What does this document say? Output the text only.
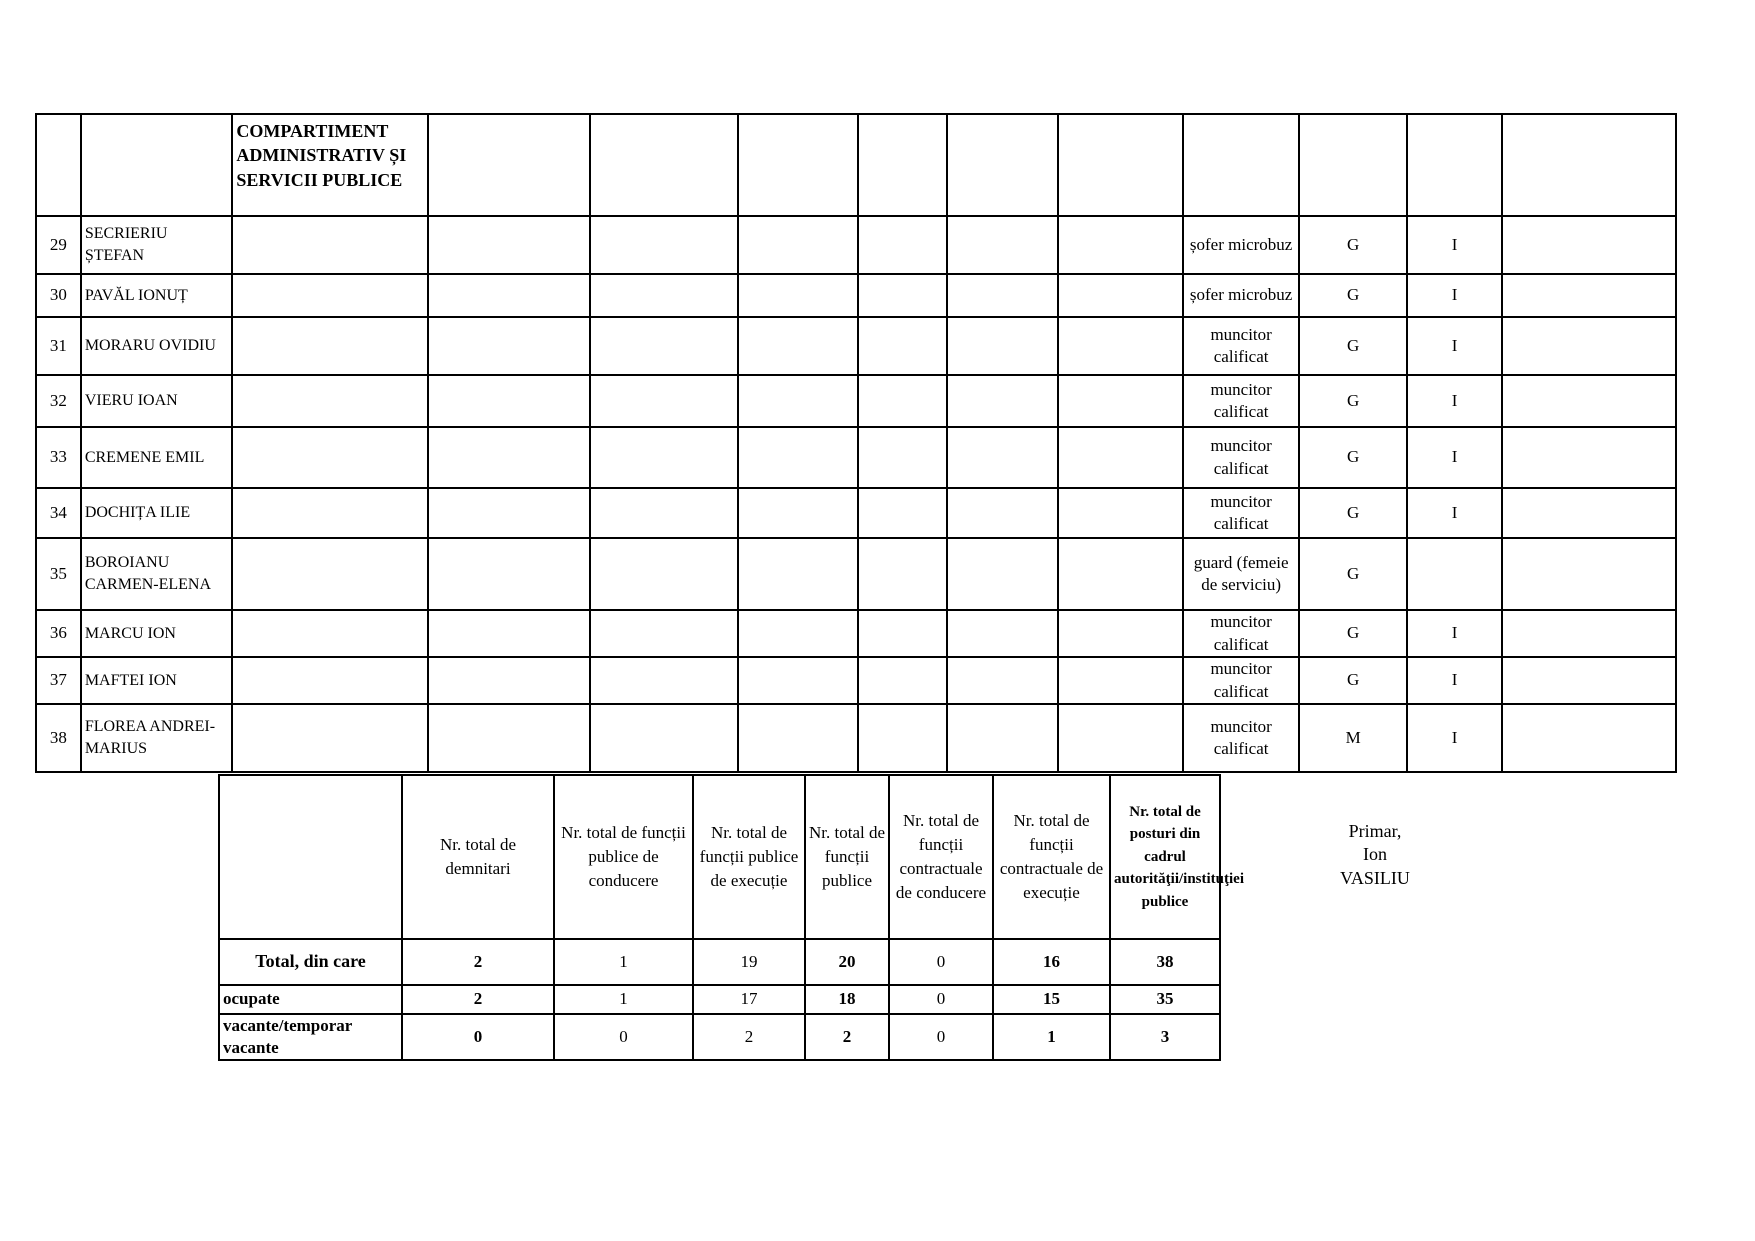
		COMPARTIMENT ADMINISTRATIV ȘI SERVICII PUBLICE										
29	SECRIERIU ȘTEFAN								șofer microbuz	G	I	
30	PAVĂL IONUȚ								șofer microbuz	G	I	
31	MORARU OVIDIU								muncitor calificat	G	I	
32	VIERU IOAN								muncitor calificat	G	I	
33	CREMENE EMIL								muncitor calificat	G	I	
34	DOCHIȚA ILIE								muncitor calificat	G	I	
35	BOROIANU CARMEN-ELENA								guard (femeie de serviciu)	G		
36	MARCU ION								muncitor calificat	G	I	
37	MAFTEI ION								muncitor calificat	G	I	
38	FLOREA ANDREI-MARIUS								muncitor calificat	M	I	
	Nr. total de demnitari	Nr. total de funcții publice de conducere	Nr. total de funcții publice de execuție	Nr. total de funcții publice	Nr. total de funcții contractuale de conducere	Nr. total de funcții contractuale de execuție	Nr. total de posturi din cadrul autorităţii/instituţiei publice
Total, din care	2	1	19	20	0	16	38
ocupate	2	1	17	18	0	15	35
vacante/temporar vacante	0	0	2	2	0	1	3
Primar,
Ion
VASILIU
